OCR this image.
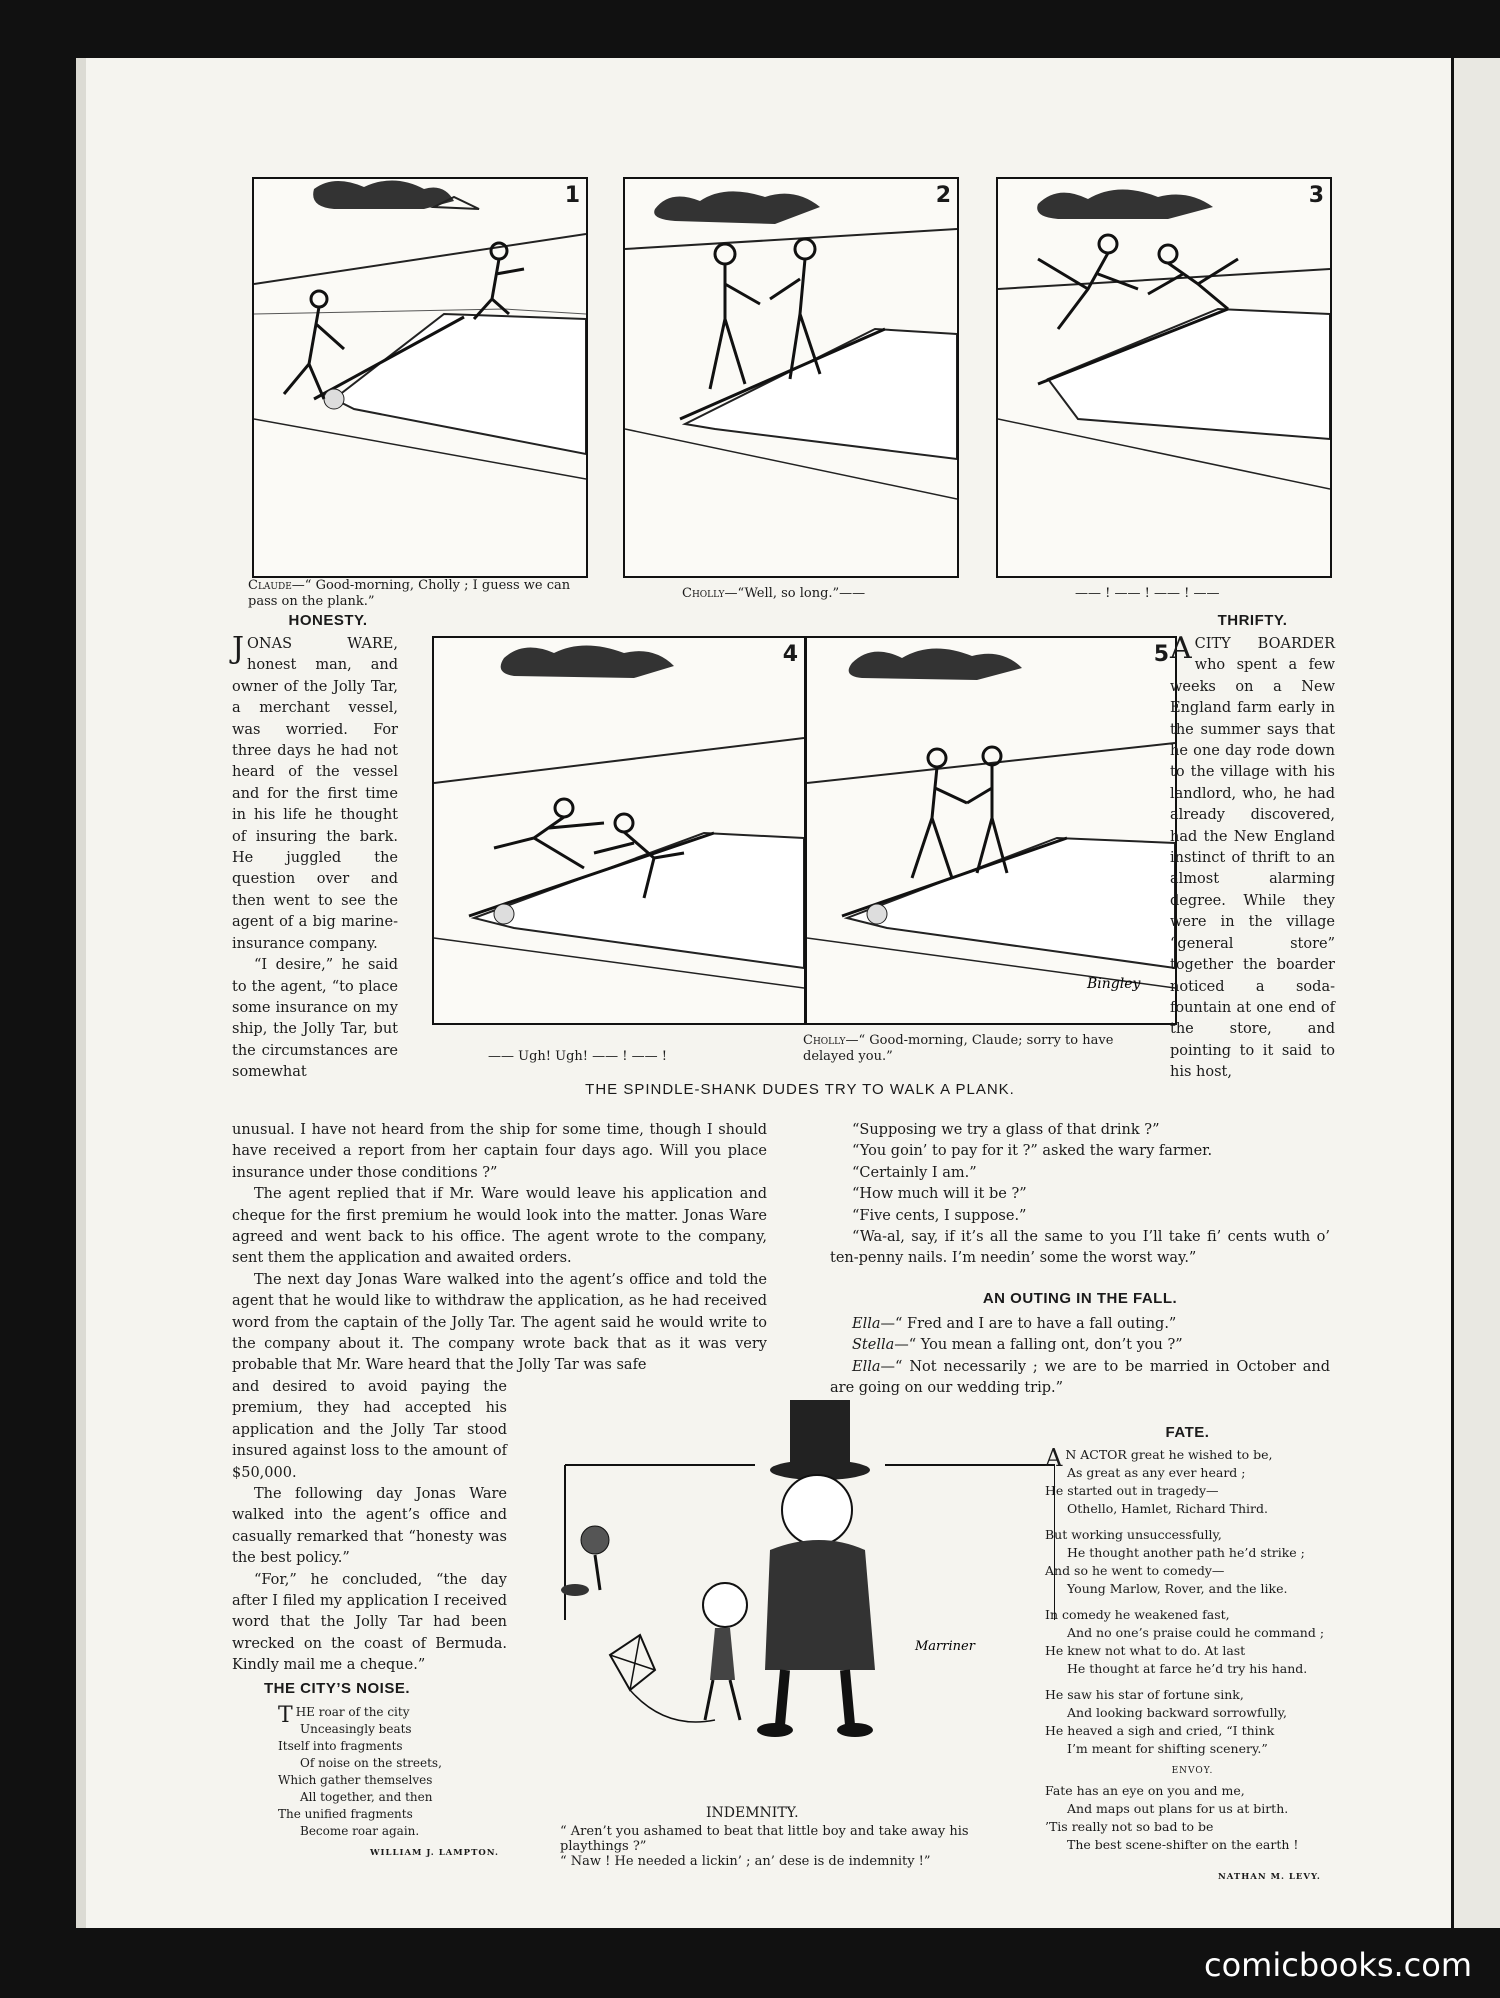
1	2	3
Claude—“ Good-morning, Cholly ; I guess we can pass on the plank.”
Cholly—“Well, so long.”——	—— ! —— ! —— ! ——
4
Bingley
5
—— Ugh! Ugh! —— ! —— !
Cholly—“ Good-morning, Claude; sorry to have delayed you.”
THE SPINDLE-SHANK DUDES TRY TO WALK A PLANK.
HONESTY.

JONAS WARE, honest man, and owner of the Jolly Tar, a merchant vessel, was worried. For three days he had not heard of the vessel and for the first time in his life he thought of insuring the bark. He juggled the question over and then went to see the agent of a big marine-insurance company.

“I desire,” he said to the agent, “to place some insurance on my ship, the Jolly Tar, but the circumstances are somewhat

unusual. I have not heard from the ship for some time, though I should have received a report from her captain four days ago. Will you place insurance under those conditions ?”

The agent replied that if Mr. Ware would leave his application and cheque for the first premium he would look into the matter. Jonas Ware agreed and went back to his office. The agent wrote to the company, sent them the application and awaited orders.

The next day Jonas Ware walked into the agent’s office and told the agent that he would like to withdraw the application, as he had received word from the captain of the Jolly Tar. The agent said he would write to the company about it. The company wrote back that as it was very probable that Mr. Ware heard that the Jolly Tar was safe

and desired to avoid paying the premium, they had accepted his application and the Jolly Tar stood insured against loss to the amount of $50,000.

The following day Jonas Ware walked into the agent’s office and casually remarked that “honesty was the best policy.”

“For,” he concluded, “the day after I filed my application I received word that the Jolly Tar had been wrecked on the coast of Bermuda. Kindly mail me a cheque.”

THRIFTY.

ACITY BOARDER who spent a few weeks on a New England farm early in the summer says that he one day rode down to the village with his landlord, who, he had already discovered, had the New England instinct of thrift to an almost alarming degree. While they were in the village “general store” together the boarder noticed a soda-fountain at one end of the store, and pointing to it said to his host,

“Supposing we try a glass of that drink ?”

“You goin’ to pay for it ?” asked the wary farmer.

“Certainly I am.”

“How much will it be ?”

“Five cents, I suppose.”

“Wa-al, say, if it’s all the same to you I’ll take fi’ cents wuth o’ ten-penny nails. I’m needin’ some the worst way.”

AN OUTING IN THE FALL.

Ella—“ Fred and I are to have a fall outing.”

Stella—“ You mean a falling ont, don’t you ?”

Ella—“ Not necessarily ; we are to be married in October and are going on our wedding trip.”

Marriner
INDEMNITY.
“ Aren’t you ashamed to beat that little boy and take away his playthings ?”
“ Naw ! He needed a lickin’ ; an’ dese is de indemnity !”
THE CITY’S NOISE.
THE roar of the city
Unceasingly beats
Itself into fragments
Of noise on the streets,
Which gather themselves
All together, and then
The unified fragments
Become roar again.
WILLIAM J. LAMPTON.
FATE.
A N ACTOR great he wished to be,
As great as any ever heard ;
He started out in tragedy—
Othello, Hamlet, Richard Third.
But working unsuccessfully,
He thought another path he’d strike ;
And so he went to comedy—
Young Marlow, Rover, and the like.
In comedy he weakened fast,
And no one’s praise could he command ;
He knew not what to do. At last
He thought at farce he’d try his hand.
He saw his star of fortune sink,
And looking backward sorrowfully,
He heaved a sigh and cried, “I think
I’m meant for shifting scenery.”
ENVOY.
Fate has an eye on you and me,
And maps out plans for us at birth.
’Tis really not so bad to be
The best scene-shifter on the earth !
NATHAN M. LEVY.
comicbooks.com
